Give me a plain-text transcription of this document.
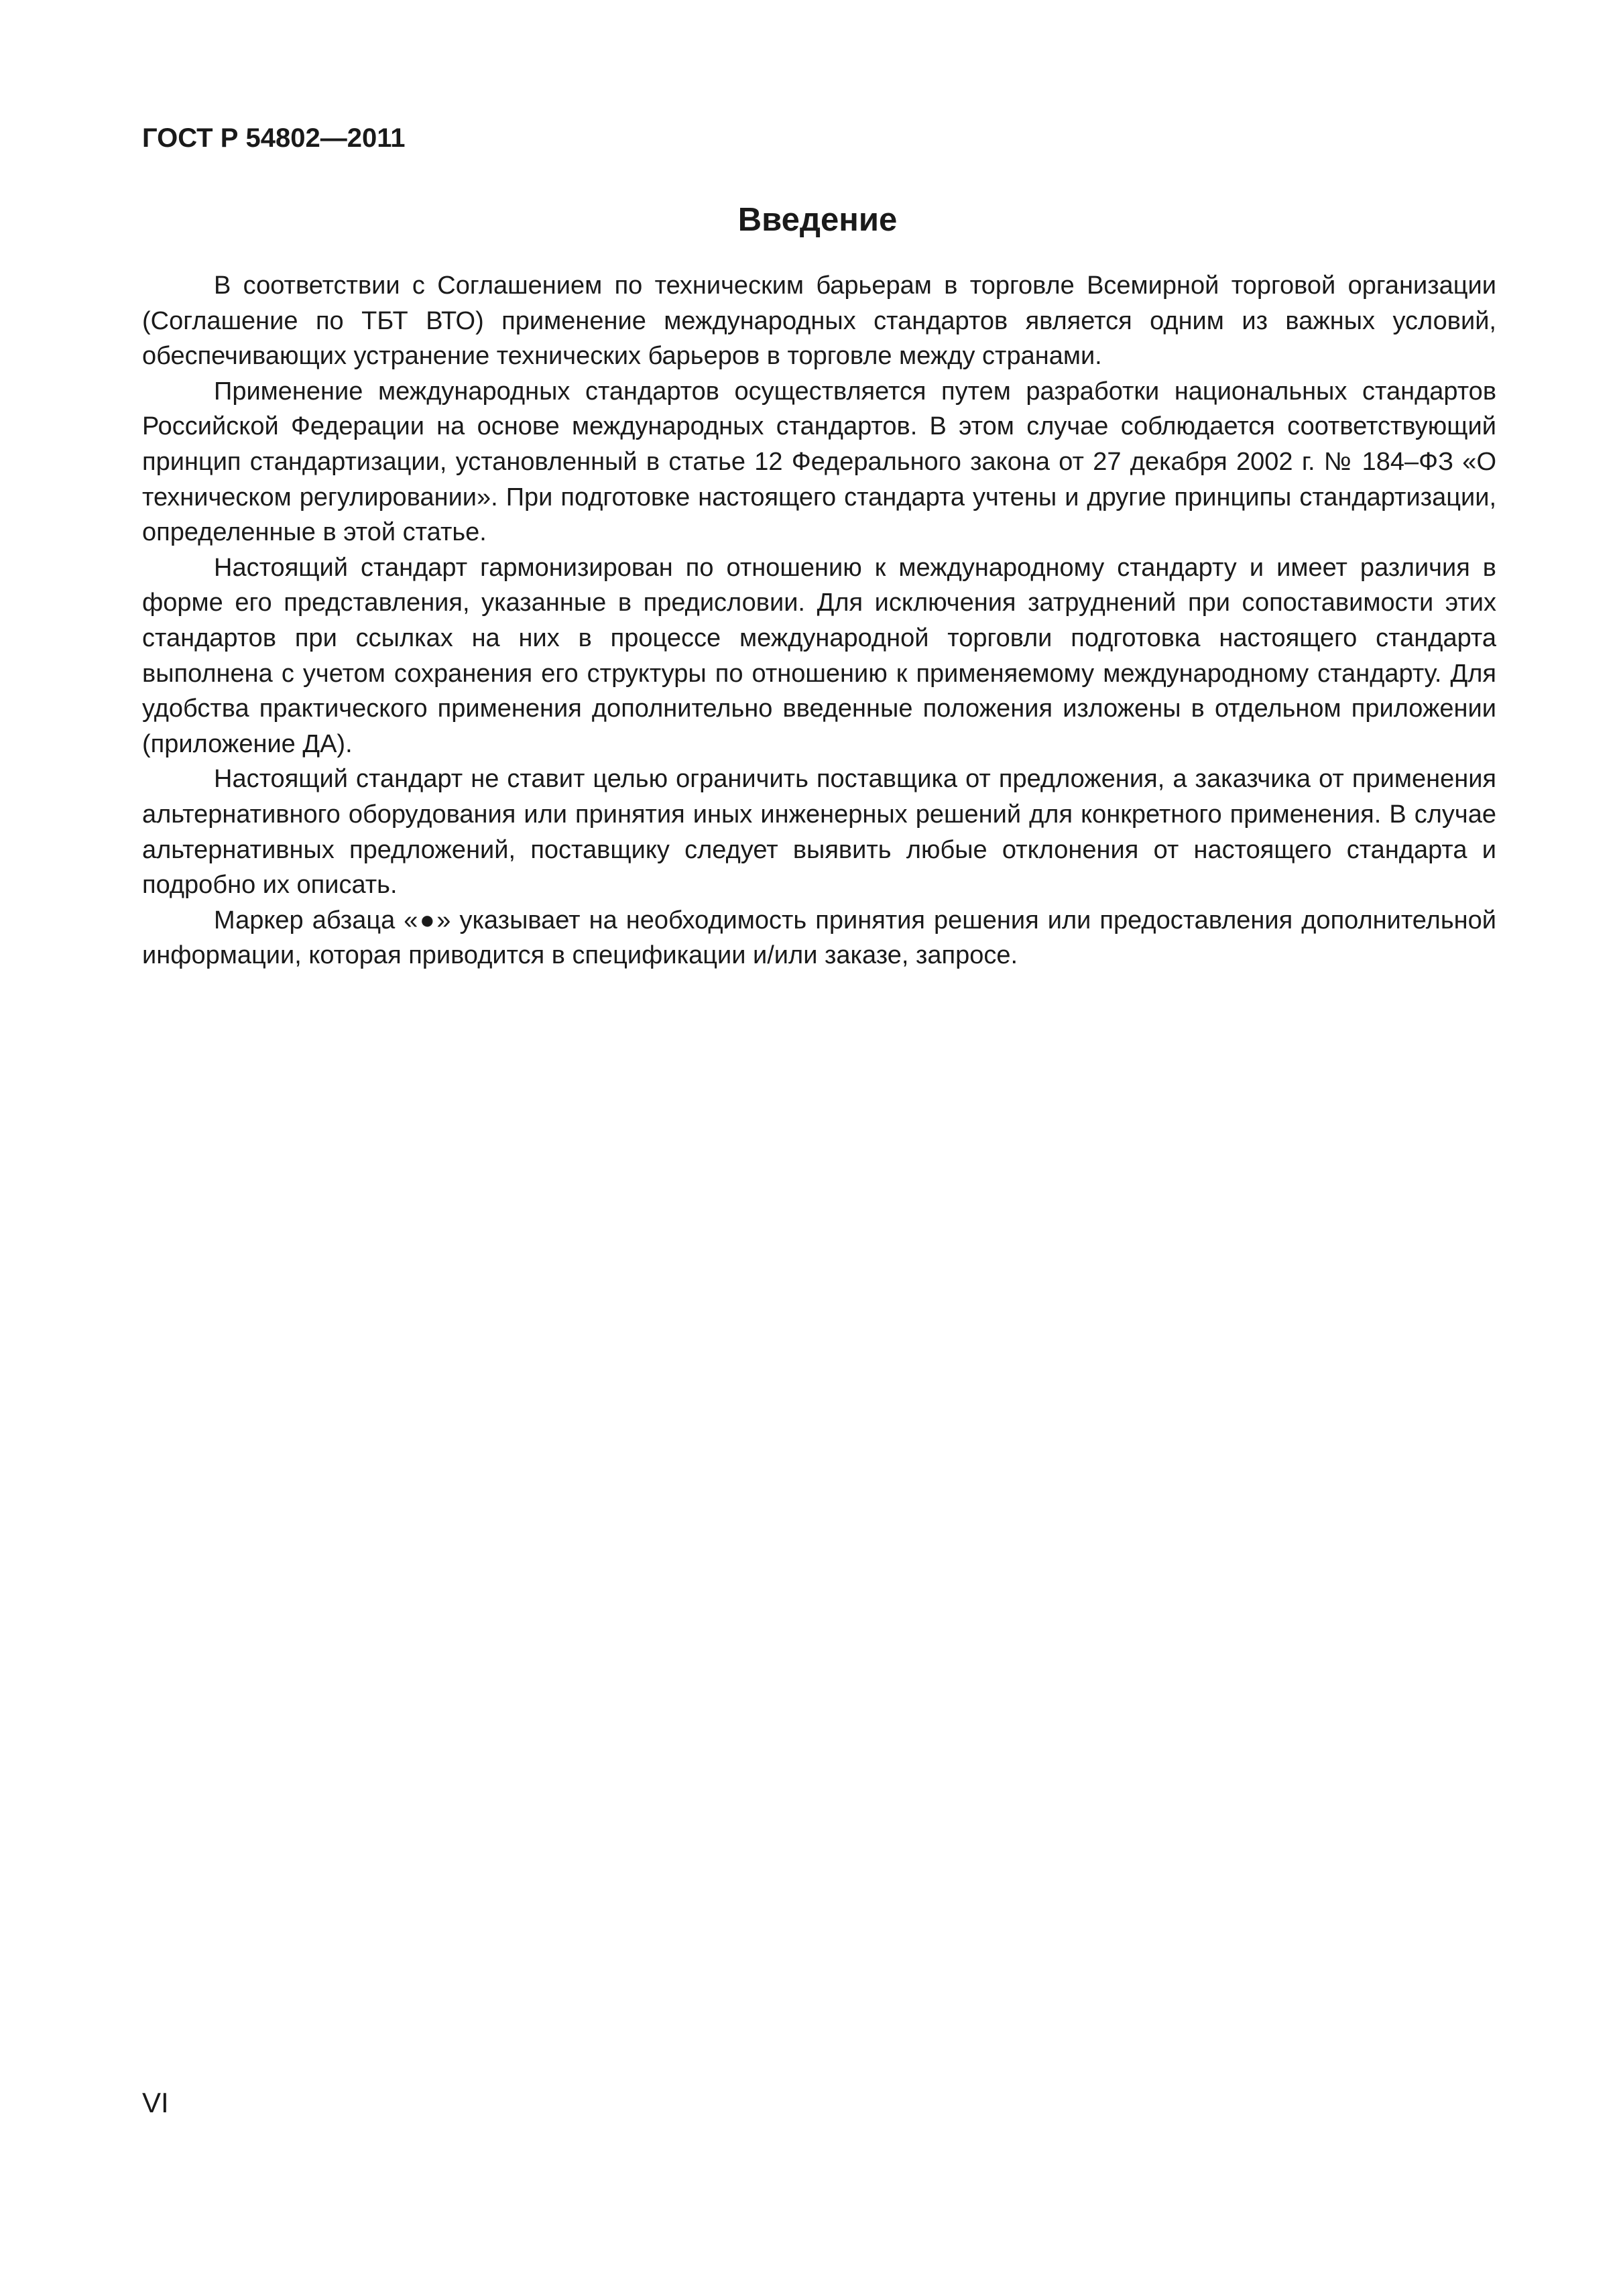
ГОСТ Р 54802—2011
Введение

В соответствии с Соглашением по техническим барьерам в торговле Всемирной торговой организации (Соглашение по ТБТ ВТО) применение международных стандартов является одним из важных условий, обеспечивающих устранение технических барьеров в торговле между странами.

Применение международных стандартов осуществляется путем разработки национальных стандартов Российской Федерации на основе международных стандартов. В этом случае соблюдается соответствующий принцип стандартизации, установленный в статье 12 Федерального закона от 27 декабря 2002 г. № 184–ФЗ «О техническом регулировании». При подготовке настоящего стандарта учтены и другие принципы стандартизации, определенные в этой статье.

Настоящий стандарт гармонизирован по отношению к международному стандарту и имеет различия в форме его представления, указанные в предисловии. Для исключения затруднений при сопоставимости этих стандартов при ссылках на них в процессе международной торговли подготовка настоящего стандарта выполнена с учетом сохранения его структуры по отношению к применяемому международному стандарту. Для удобства практического применения дополнительно введенные положения изложены в отдельном приложении (приложение ДА).

Настоящий стандарт не ставит целью ограничить поставщика от предложения, а заказчика от применения альтернативного оборудования или принятия иных инженерных решений для конкретного применения. В случае альтернативных предложений, поставщику следует выявить любые отклонения от настоящего стандарта и подробно их описать.

Маркер абзаца «●» указывает на необходимость принятия решения или предоставления дополнительной информации, которая приводится в спецификации и/или заказе, запросе.

VI
